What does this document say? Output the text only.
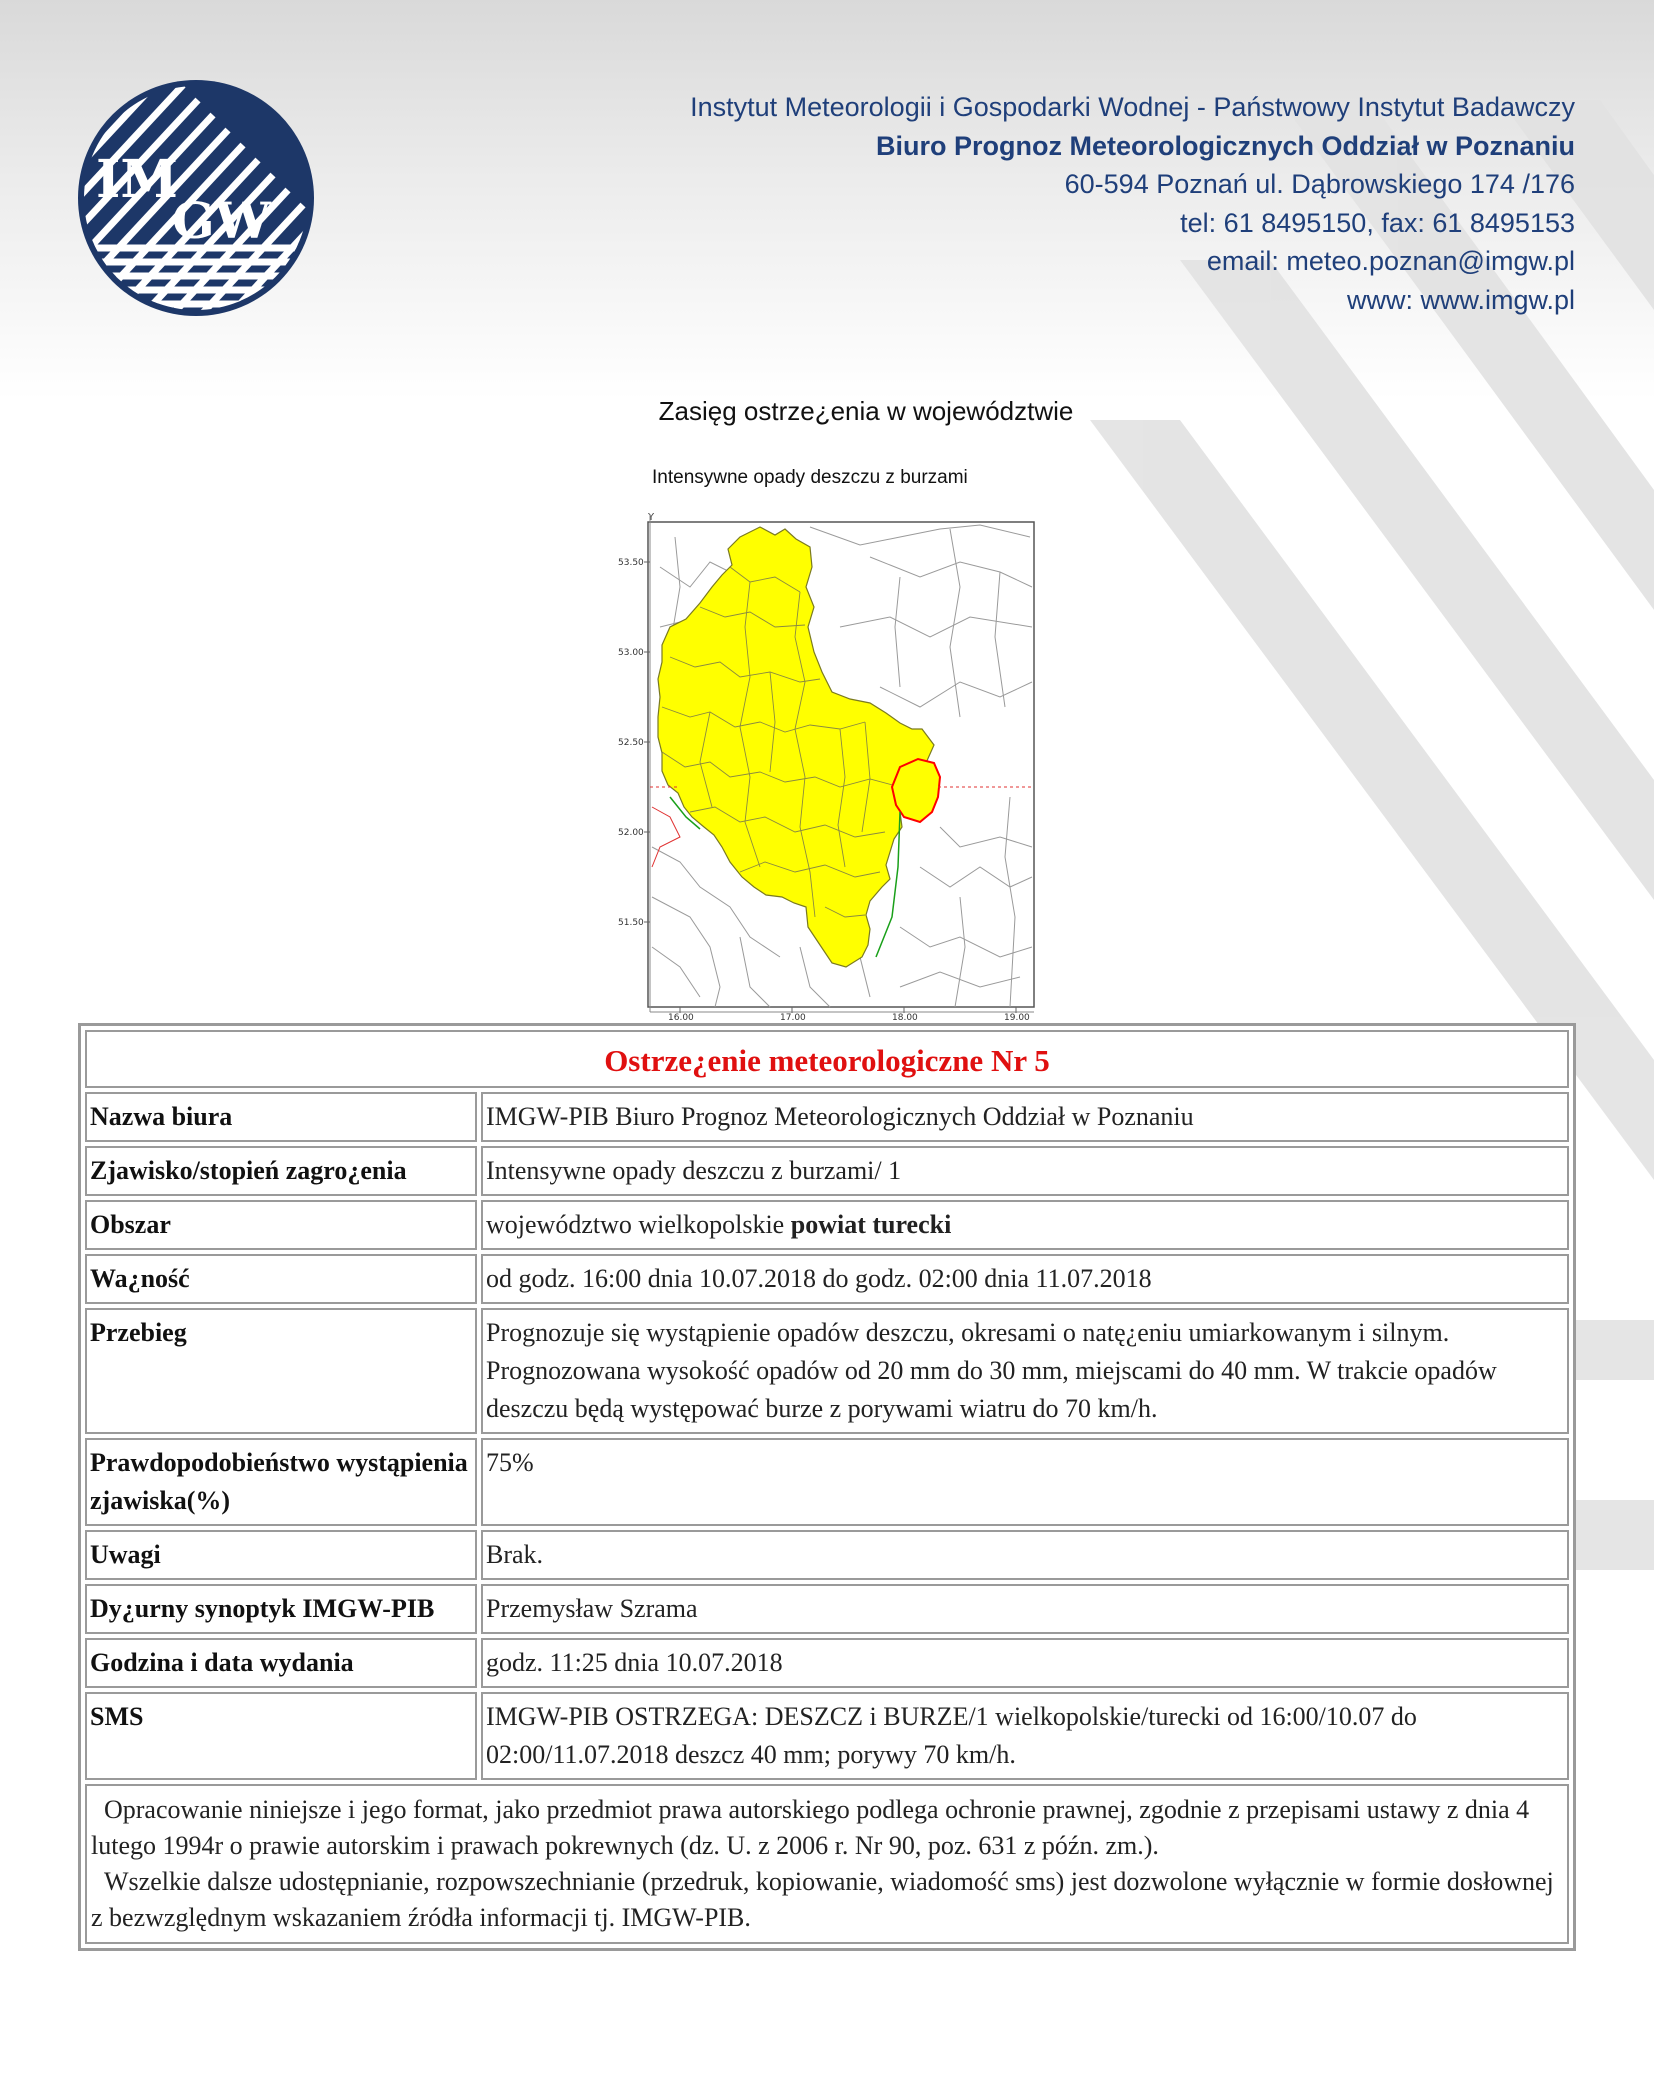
IM
GW
Instytut Meteorologii i Gospodarki Wodnej - Państwowy Instytut Badawczy
Biuro Prognoz Meteorologicznych Oddział w Poznaniu
60-594 Poznań ul. Dąbrowskiego 174 /176
tel: 61 8495150, fax: 61 8495153
email: meteo.poznan@imgw.pl
www: www.imgw.pl
Zasięg ostrze¿enia w województwie
Y
53.50
53.00
52.50
52.00
51.50
16.00	17.00	18.00	19.00
Intensywne opady deszczu z burzami
Ostrze¿enie meteorologiczne Nr 5	
Nazwa biura	IMGW-PIB Biuro Prognoz Meteorologicznych Oddział w Poznaniu
Zjawisko/stopień zagro¿enia	Intensywne opady deszczu z burzami/ 1
Obszar	województwo wielkopolskie powiat turecki
Wa¿ność	od godz. 16:00 dnia 10.07.2018 do godz. 02:00 dnia 11.07.2018
Przebieg	Prognozuje się wystąpienie opadów deszczu, okresami o natę¿eniu umiarkowanym i silnym. Prognozowana wysokość opadów od 20 mm do 30 mm, miejscami do 40 mm. W trakcie opadów deszczu będą występować burze z porywami wiatru do 70 km/h.
Prawdopodobieństwo wystąpienia zjawiska(%)	75%
Uwagi	Brak.
Dy¿urny synoptyk IMGW-PIB	Przemysław Szrama
Godzina i data wydania	godz. 11:25 dnia 10.07.2018
SMS	IMGW-PIB OSTRZEGA: DESZCZ i BURZE/1 wielkopolskie/turecki od 16:00/10.07 do 02:00/11.07.2018 deszcz 40 mm; porywy 70 km/h.

Opracowanie niniejsze i jego format, jako przedmiot prawa autorskiego podlega ochronie prawnej, zgodnie z przepisami ustawy z dnia 4 lutego 1994r o prawie autorskim i prawach pokrewnych (dz. U. z 2006 r. Nr 90, poz. 631 z późn. zm.).

Wszelkie dalsze udostępnianie, rozpowszechnianie (przedruk, kopiowanie, wiadomość sms) jest dozwolone wyłącznie w formie dosłownej z bezwzględnym wskazaniem źródła informacji tj. IMGW-PIB.	
